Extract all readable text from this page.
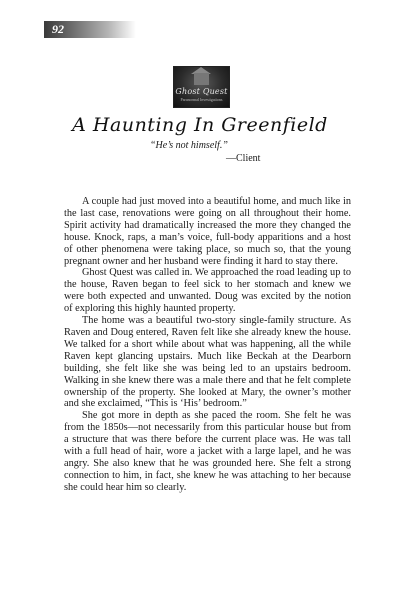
92
Ghost Quest
Paranormal Investigations
A Haunting In Greenfield
“He’s not himself.”
—Client

A couple had just moved into a beautiful home, and much like in the last case, renovations were going on all throughout their home. Spirit activity had dramatically increased the more they changed the house. Knock, raps, a man’s voice, full-body apparitions and a host of other phenomena were taking place, so much so, that the young pregnant owner and her husband were finding it hard to stay there.

Ghost Quest was called in. We approached the road leading up to the house, Raven began to feel sick to her stomach and knew we were both expected and unwanted. Doug was excited by the notion of exploring this highly haunted property.

The home was a beautiful two-story single-family structure. As Raven and Doug entered, Raven felt like she already knew the house. We talked for a short while about what was happening, all the while Raven kept glancing upstairs. Much like Beckah at the Dearborn building, she felt like she was being led to an upstairs bedroom. Walking in she knew there was a male there and that he felt complete ownership of the property. She looked at Mary, the owner’s mother and she exclaimed, “This is ‘His’ bedroom.”

She got more in depth as she paced the room. She felt he was from the 1850s—not necessarily from this particular house but from a structure that was there before the current place was. He was tall with a full head of hair, wore a jacket with a large lapel, and he was angry. She also knew that he was grounded here. She felt a strong connection to him, in fact, she knew he was attaching to her because she could hear him so clearly.
